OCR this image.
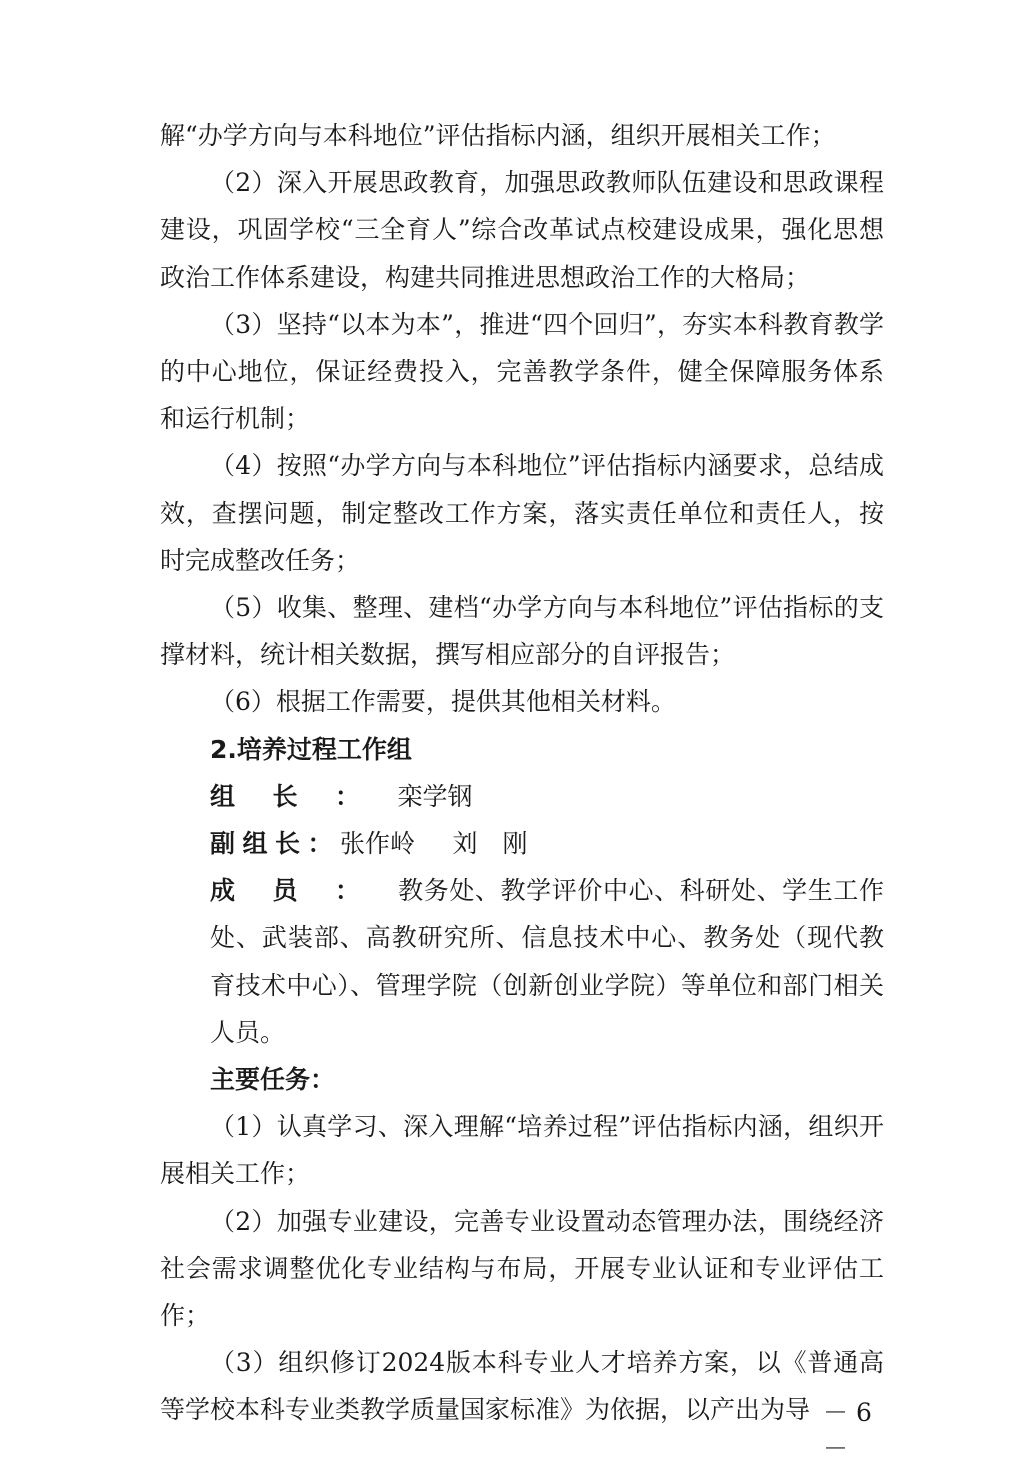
解“办学方向与本科地位”评估指标内涵，组织开展相关工作；

（2）深入开展思政教育，加强思政教师队伍建设和思政课程建设，巩固学校“三全育人”综合改革试点校建设成果，强化思想政治工作体系建设，构建共同推进思想政治工作的大格局；

（3）坚持“以本为本”，推进“四个回归”，夯实本科教育教学的中心地位，保证经费投入，完善教学条件，健全保障服务体系和运行机制；

（4）按照“办学方向与本科地位”评估指标内涵要求，总结成效，查摆问题，制定整改工作方案，落实责任单位和责任人，按时完成整改任务；

（5）收集、整理、建档“办学方向与本科地位”评估指标的支撑材料，统计相关数据，撰写相应部分的自评报告；

（6）根据工作需要，提供其他相关材料。

2.培养过程工作组

组长：栾学钢

副组长：张作岭 刘　刚

成员：教务处、教学评价中心、科研处、学生工作处、武装部、高教研究所、信息技术中心、教务处（现代教育技术中心）、管理学院（创新创业学院）等单位和部门相关人员。

主要任务：

（1）认真学习、深入理解“培养过程”评估指标内涵，组织开展相关工作；

（2）加强专业建设，完善专业设置动态管理办法，围绕经济社会需求调整优化专业结构与布局，开展专业认证和专业评估工作；

（3）组织修订2024版本科专业人才培养方案，以《普通高等学校本科专业类教学质量国家标准》为依据，以产出为导 － 6 －
